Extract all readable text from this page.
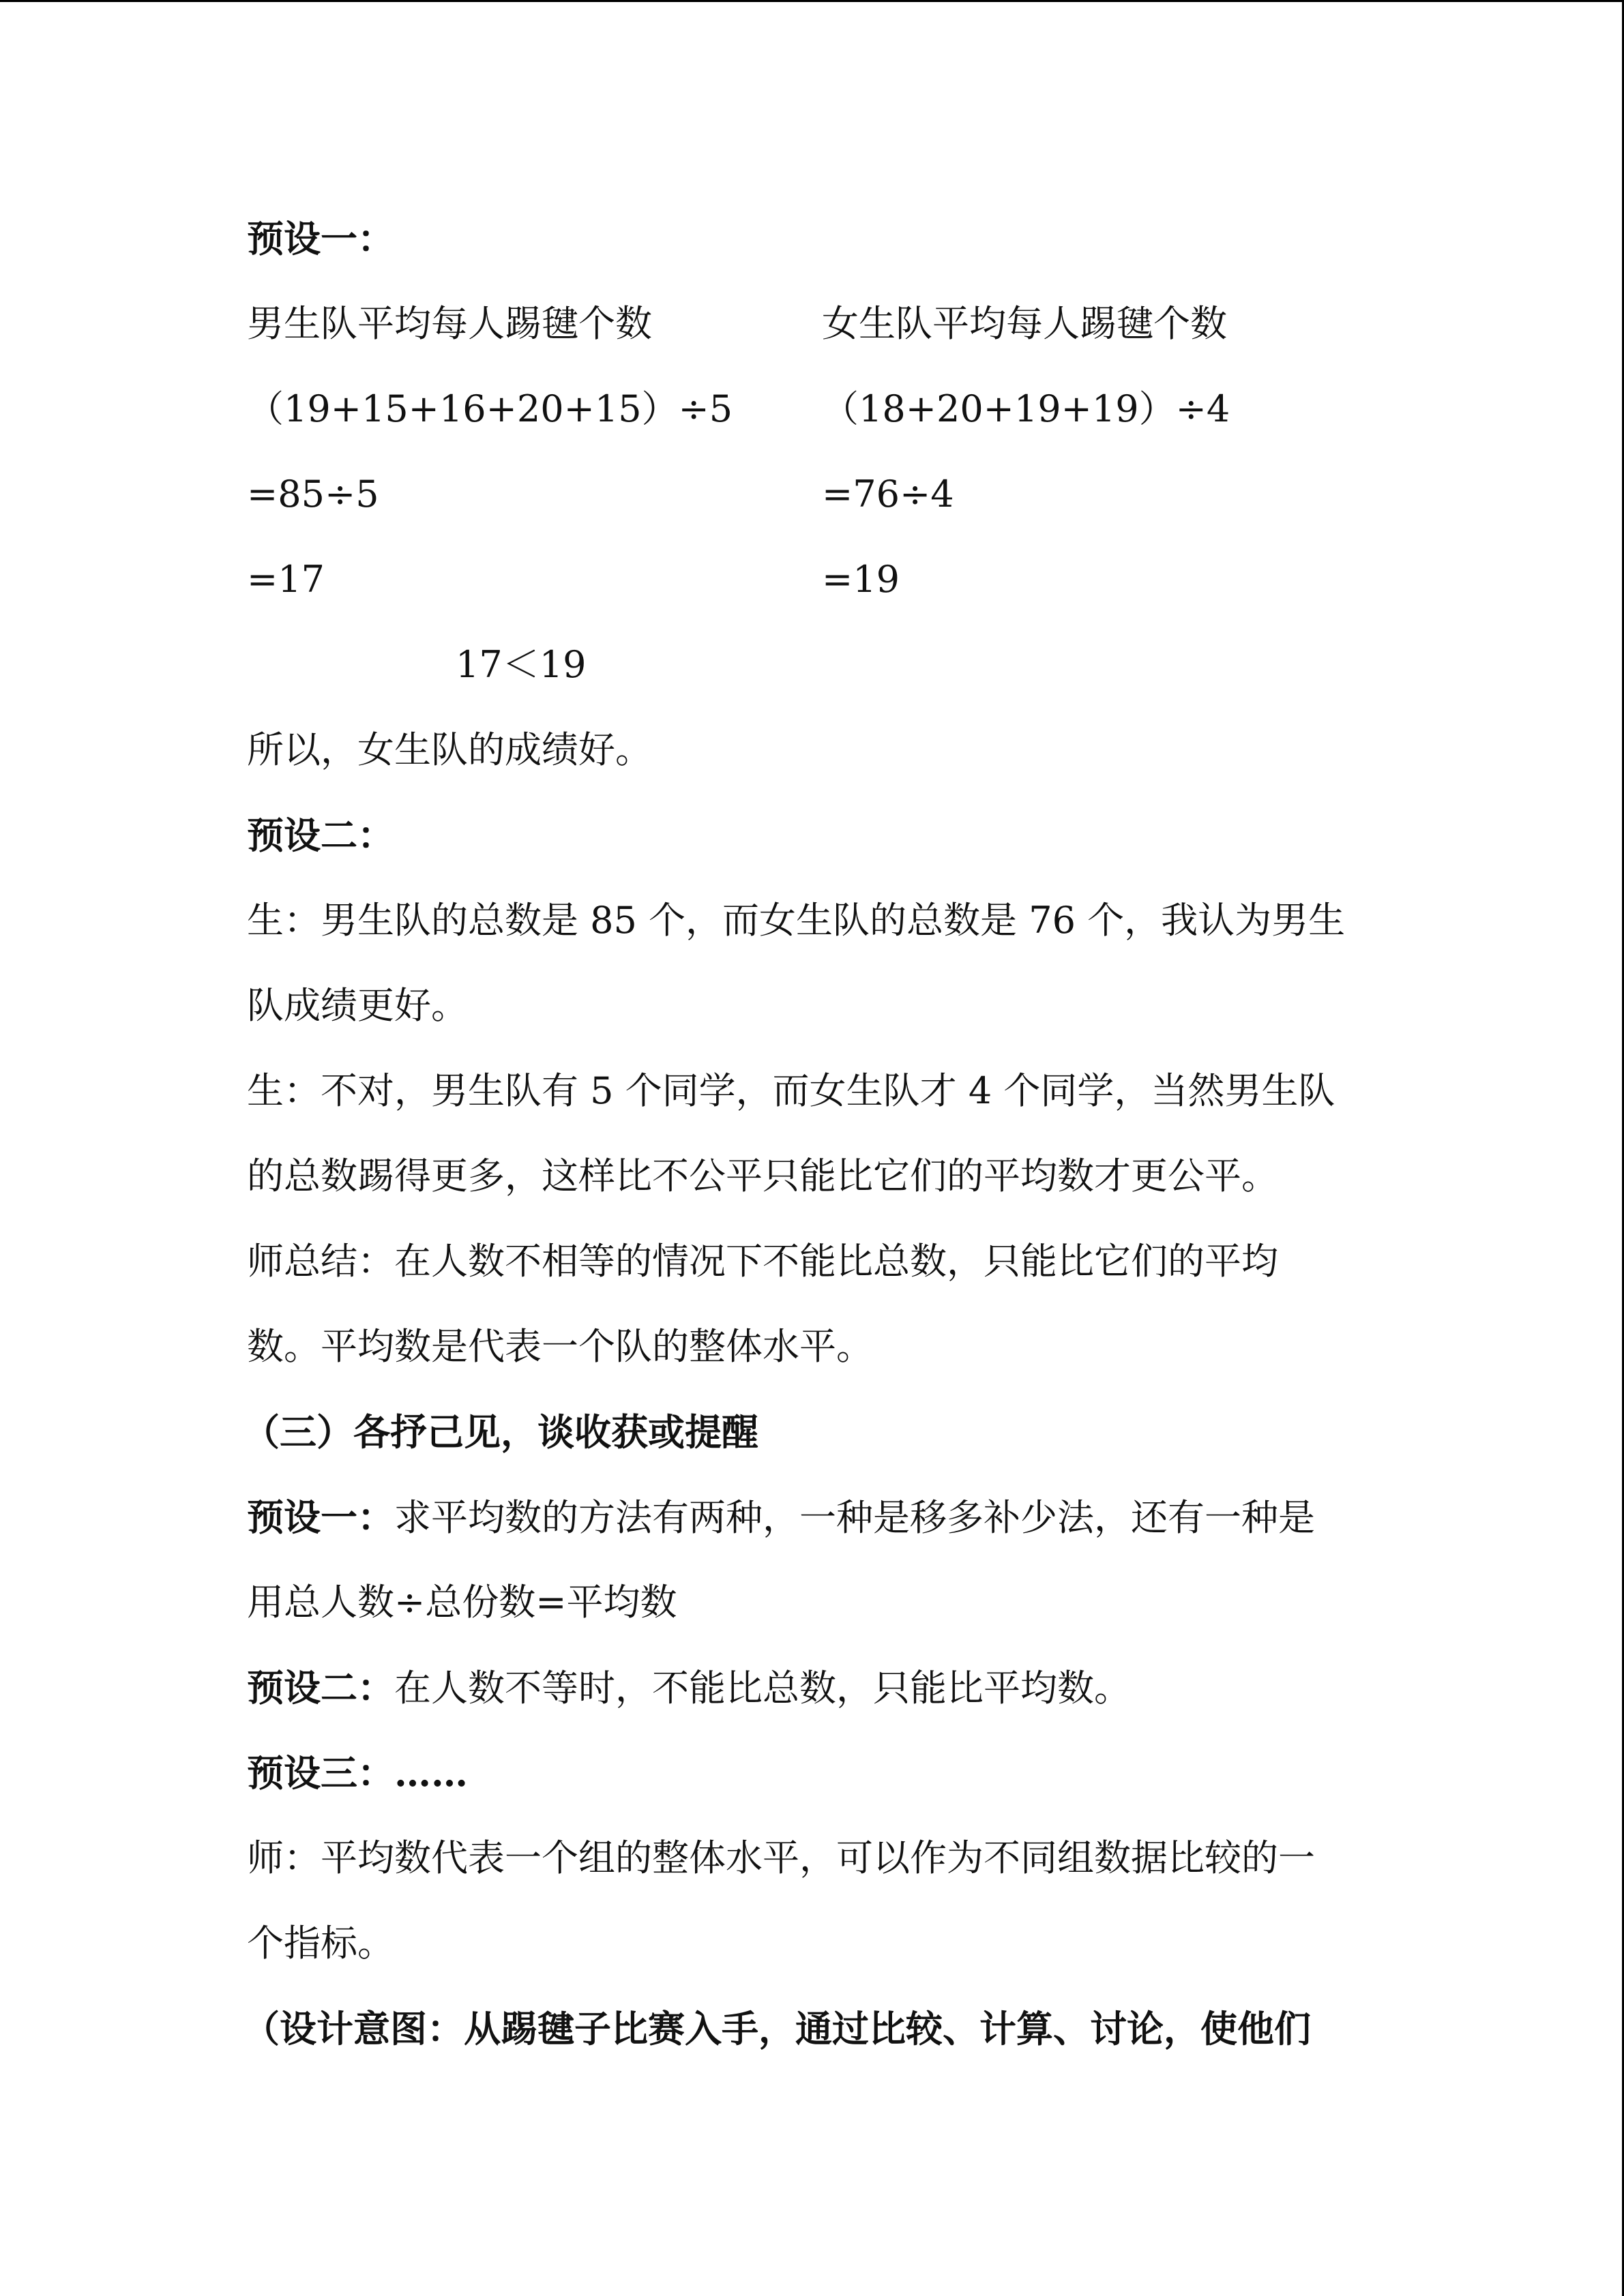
预设一：
男生队平均每人踢毽个数	女生队平均每人踢毽个数
（19+15+16+20+15）÷5 （18+20+19+19）÷4
=85÷5	=76÷4
=17	=19
17＜19
所以，女生队的成绩好。
预设二：
生：男生队的总数是 85 个，而女生队的总数是 76 个，我认为男生
队成绩更好。
生：不对，男生队有 5 个同学，而女生队才 4 个同学，当然男生队
的总数踢得更多，这样比不公平只能比它们的平均数才更公平。
师总结：在人数不相等的情况下不能比总数，只能比它们的平均
数。平均数是代表一个队的整体水平。
（三）各抒己见，谈收获或提醒
预设一：求平均数的方法有两种，一种是移多补少法，还有一种是
用总人数÷总份数=平均数
预设二：在人数不等时，不能比总数，只能比平均数。
预设三：……
师：平均数代表一个组的整体水平，可以作为不同组数据比较的一
个指标。
（设计意图：从踢毽子比赛入手，通过比较、计算、讨论，使他们
